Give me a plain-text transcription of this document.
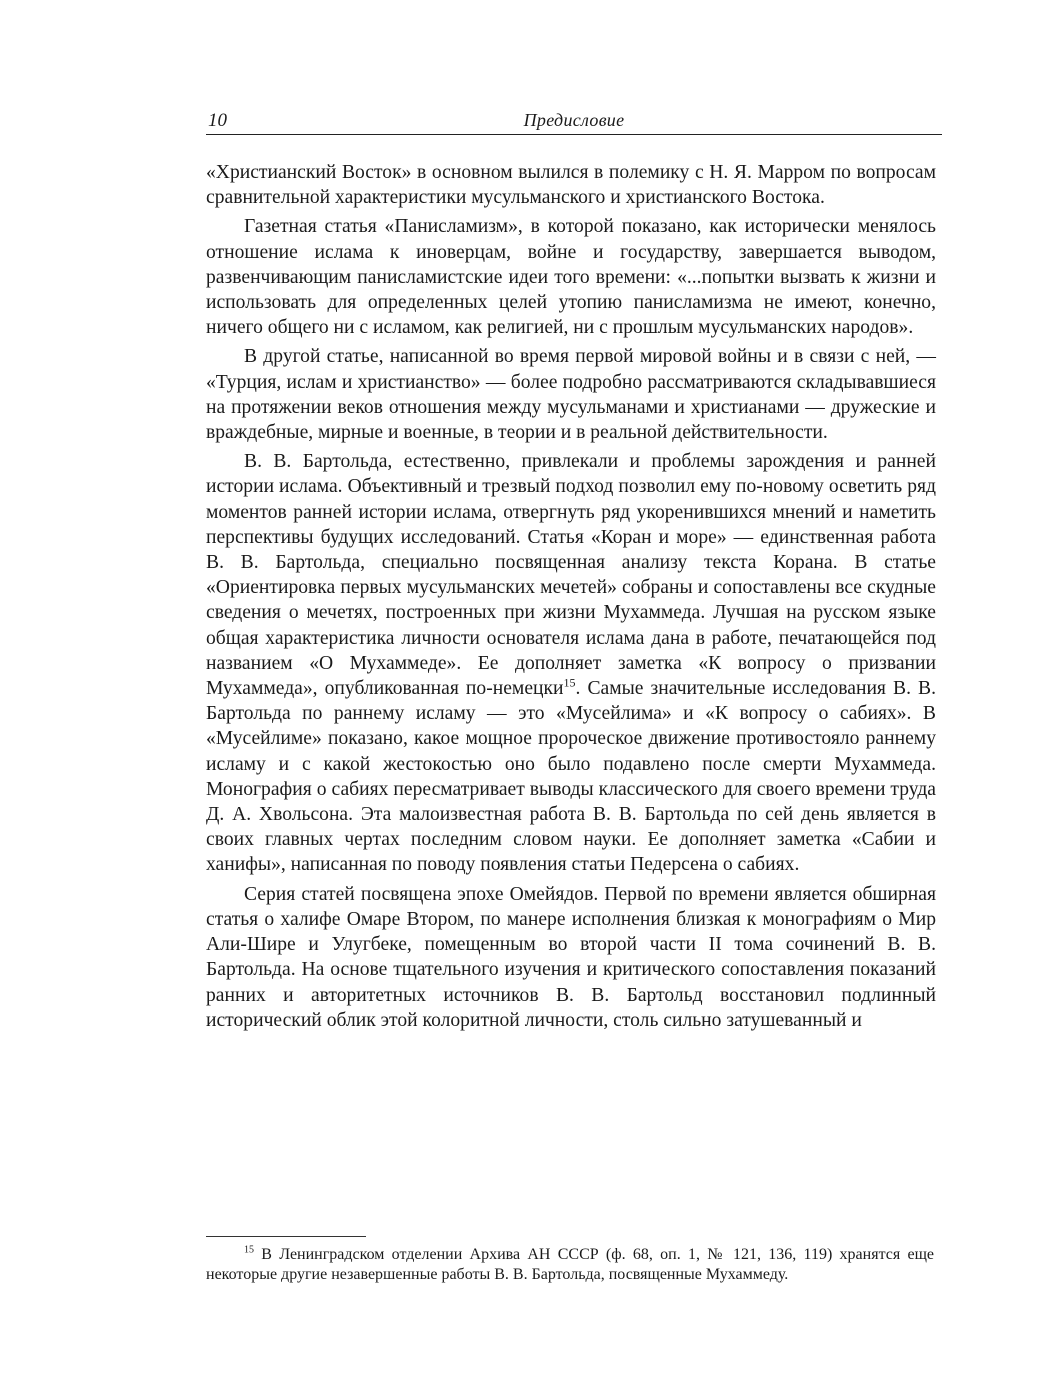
10	Предисловие

«Христианский Восток» в основном вылился в полемику с Н. Я. Марром по вопросам сравнительной характеристики мусульманского и христианского Востока.

Газетная статья «Панисламизм», в которой показано, как исторически менялось отношение ислама к иноверцам, войне и государству, завершается выводом, развенчивающим панисламистские идеи того времени: «...попытки вызвать к жизни и использовать для определенных целей утопию панисламизма не имеют, конечно, ничего общего ни с исламом, как религией, ни с прошлым мусульманских народов».

В другой статье, написанной во время первой мировой войны и в связи с ней, — «Турция, ислам и христианство» — более подробно рассматриваются складывавшиеся на протяжении веков отношения между мусульманами и христианами — дружеские и враждебные, мирные и военные, в теории и в реальной действительности.

В. В. Бартольда, естественно, привлекали и проблемы зарождения и ранней истории ислама. Объективный и трезвый подход позволил ему по-новому осветить ряд моментов ранней истории ислама, отвергнуть ряд укоренившихся мнений и наметить перспективы будущих исследований. Статья «Коран и море» — единственная работа В. В. Бартольда, специально посвященная анализу текста Корана. В статье «Ориентировка первых мусульманских мечетей» собраны и сопоставлены все скудные сведения о мечетях, построенных при жизни Мухаммеда. Лучшая на русском языке общая характеристика личности основателя ислама дана в работе, печатающейся под названием «О Мухаммеде». Ее дополняет заметка «К вопросу о призвании Мухаммеда», опубликованная по-немецки$^{15}$. Самые значительные исследования В. В. Бартольда по раннему исламу — это «Мусейлима» и «К вопросу о сабиях». В «Мусейлиме» показано, какое мощное пророческое движение противостояло раннему исламу и с какой жестокостью оно было подавлено после смерти Мухаммеда. Монография о сабиях пересматривает выводы классического для своего времени труда Д. А. Хвольсона. Эта малоизвестная работа В. В. Бартольда по сей день является в своих главных чертах последним словом науки. Ее дополняет заметка «Сабии и ханифы», написанная по поводу появления статьи Педерсена о сабиях.

Серия статей посвящена эпохе Омейядов. Первой по времени является обширная статья о халифе Омаре Втором, по манере исполнения близкая к монографиям о Мир Али-Шире и Улугбеке, помещенным во второй части II тома сочинений В. В. Бартольда. На основе тщательного изучения и критического сопоставления показаний ранних и авторитетных источников В. В. Бартольд восстановил подлинный исторический облик этой колоритной личности, столь сильно затушеванный и

$^{15}$ В Ленинградском отделении Архива АН СССР (ф. 68, оп. 1, № 121, 136, 119) хранятся еще некоторые другие незавершенные работы В. В. Бартольда, посвященные Мухаммеду.
